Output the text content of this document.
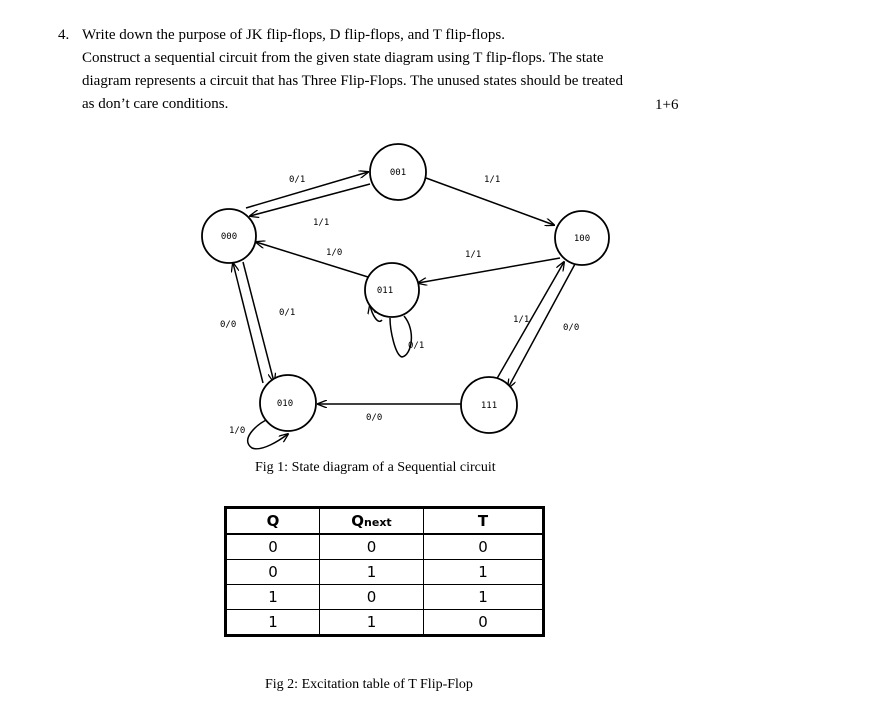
4. Write down the purpose of JK flip-flops, D flip-flops, and T flip-flops.
Construct a sequential circuit from the given state diagram using T flip-flops. The state
diagram represents a circuit that has Three Flip-Flops. The unused states should be treated
as don’t care conditions.	1+6
001
000	100
011
010	111
0/1
1/1
1/0
0/1
0/0
1/0
0/1
1/1
1/1
1/1
0/0
0/0
Fig 1: State diagram of a Sequential circuit
Q	Qnext	T
0	0	0
0	1	1
1	0	1
1	1	0
Fig 2: Excitation table of T Flip-Flop
